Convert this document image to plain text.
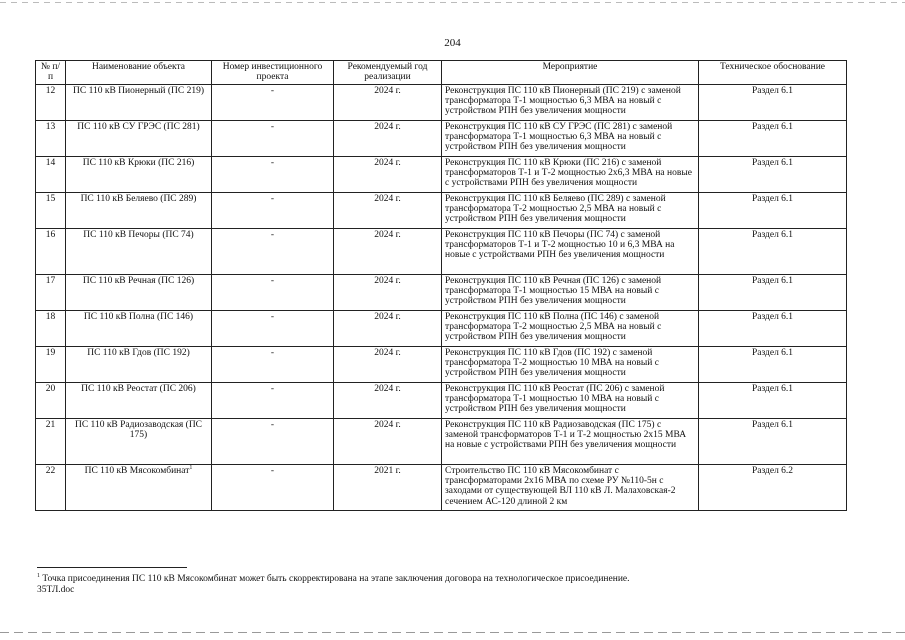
204
№ п/п	Наименование объекта	Номер инвестиционного проекта	Рекомендуемый год реализации	Мероприятие	Техническое обоснование
12	ПС 110 кВ Пионерный (ПС 219)	-	2024 г.	Реконструкция ПС 110 кВ Пионерный (ПС 219) с заменой трансформатора Т-1 мощностью 6,3 МВА на новый с устройством РПН без увеличения мощности	Раздел 6.1
13	ПС 110 кВ СУ ГРЭС (ПС 281)	-	2024 г.	Реконструкция ПС 110 кВ СУ ГРЭС (ПС 281) с заменой трансформатора Т-1 мощностью 6,3 МВА на новый с устройством РПН без увеличения мощности	Раздел 6.1
14	ПС 110 кВ Крюки (ПС 216)	-	2024 г.	Реконструкция ПС 110 кВ Крюки (ПС 216) с заменой трансформаторов Т-1 и Т-2 мощностью 2х6,3 МВА на новые с устройствами РПН без увеличения мощности	Раздел 6.1
15	ПС 110 кВ Беляево (ПС 289)	-	2024 г.	Реконструкция ПС 110 кВ Беляево (ПС 289) с заменой трансформатора Т-2 мощностью 2,5 МВА на новый с устройством РПН без увеличения мощности	Раздел 6.1
16	ПС 110 кВ Печоры (ПС 74)	-	2024 г.	Реконструкция ПС 110 кВ Печоры (ПС 74) с заменой трансформаторов Т-1 и Т-2 мощностью 10 и 6,3 МВА на новые с устройствами РПН без увеличения мощности	Раздел 6.1
17	ПС 110 кВ Речная (ПС 126)	-	2024 г.	Реконструкция ПС 110 кВ Речная (ПС 126) с заменой трансформатора Т-1 мощностью 15 МВА на новый с устройством РПН без увеличения мощности	Раздел 6.1
18	ПС 110 кВ Полна (ПС 146)	-	2024 г.	Реконструкция ПС 110 кВ Полна (ПС 146) с заменой трансформатора Т-2 мощностью 2,5 МВА на новый с устройством РПН без увеличения мощности	Раздел 6.1
19	ПС 110 кВ Гдов (ПС 192)	-	2024 г.	Реконструкция ПС 110 кВ Гдов (ПС 192) с заменой трансформатора Т-2 мощностью 10 МВА на новый с устройством РПН без увеличения мощности	Раздел 6.1
20	ПС 110 кВ Реостат (ПС 206)	-	2024 г.	Реконструкция ПС 110 кВ Реостат (ПС 206) с заменой трансформатора Т-1 мощностью 10 МВА на новый с устройством РПН без увеличения мощности	Раздел 6.1
21	ПС 110 кВ Радиозаводская (ПС 175)	-	2024 г.	Реконструкция ПС 110 кВ Радиозаводская (ПС 175) с заменой трансформаторов Т-1 и Т-2 мощностью 2х15 МВА на новые с устройствами РПН без увеличения мощности	Раздел 6.1
22	ПС 110 кВ Мясокомбинат$^1$	-	2021 г.	Строительство ПС 110 кВ Мясокомбинат с трансформаторами 2х16 МВА по схеме РУ №110-5н с заходами от существующей ВЛ 110 кВ Л. Малаховская-2 сечением АС-120 длиной 2 км	Раздел 6.2
$^1$ Точка присоединения ПС 110 кВ Мясокомбинат может быть скорректирована на этапе заключения договора на технологическое присоединение.
35ТЛ.doc
